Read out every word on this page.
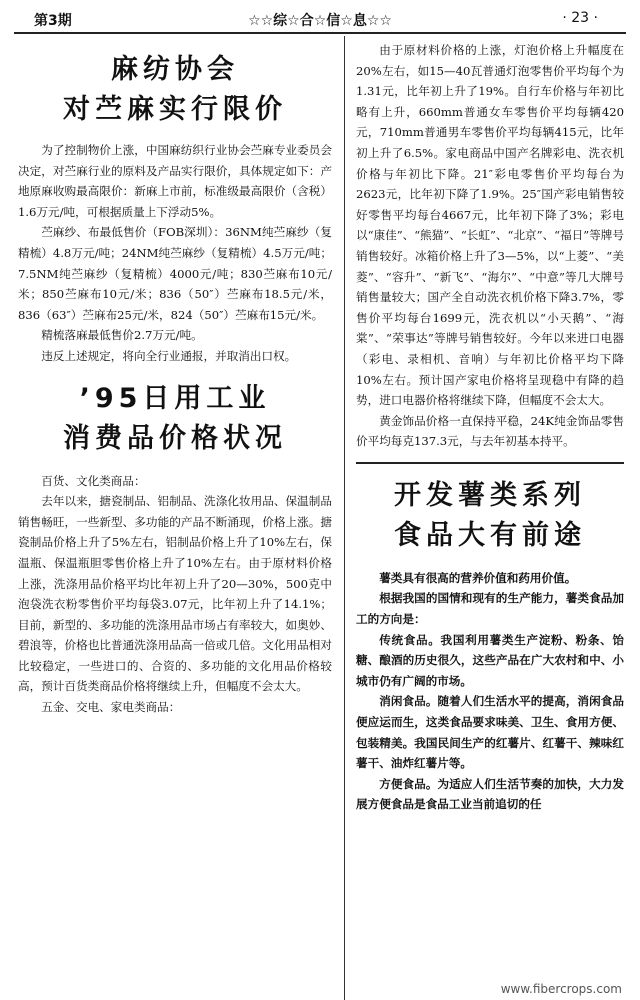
第3期	☆☆综☆合☆信☆息☆☆	· 23 ·
麻纺协会
对苎麻实行限价

为了控制物价上涨，中国麻纺织行业协会苎麻专业委员会决定，对苎麻行业的原料及产品实行限价，具体规定如下：产地原麻收购最高限价：新麻上市前，标准级最高限价（含税）1.6万元/吨，可根据质量上下浮动5%。

苎麻纱、布最低售价（FOB深圳）：36NM纯苎麻纱（复精梳）4.8万元/吨；24NM纯苎麻纱（复精梳）4.5万元/吨；7.5NM纯苎麻纱（复精梳）4000元/吨；830苎麻布10元/米；850苎麻布10元/米；836（50″）苎麻布18.5元/米，836（63″）苎麻布25元/米，824（50″）苎麻布15元/米。

精梳落麻最低售价2.7万元/吨。

违反上述规定，将向全行业通报，并取消出口权。

’95日用工业
消费品价格状况

百货、文化类商品：

去年以来，搪瓷制品、铝制品、洗涤化妆用品、保温制品销售畅旺，一些新型、多功能的产品不断涌现，价格上涨。搪瓷制品价格上升了5%左右，铝制品价格上升了10%左右，保温瓶、保温瓶胆零售价格上升了10%左右。由于原材料价格上涨，洗涤用品价格平均比年初上升了20—30%，500克中泡袋洗衣粉零售价平均每袋3.07元，比年初上升了14.1%；目前，新型的、多功能的洗涤用品市场占有率较大，如奥妙、碧浪等，价格也比普通洗涤用品高一倍或几倍。文化用品相对比较稳定，一些进口的、合资的、多功能的文化用品价格较高，预计百货类商品价格将继续上升，但幅度不会太大。

五金、交电、家电类商品：

由于原材料价格的上涨，灯泡价格上升幅度在20%左右，如15—40瓦普通灯泡零售价平均每个为1.31元，比年初上升了19%。自行车价格与年初比略有上升，660mm普通女车零售价平均每辆420元，710mm普通男车零售价平均每辆415元，比年初上升了6.5%。家电商品中国产名牌彩电、洗衣机价格与年初比下降。21″彩电零售价平均每台为2623元，比年初下降了1.9%。25″国产彩电销售较好零售平均每台4667元，比年初下降了3%；彩电以“康佳”、“熊猫”、“长虹”、“北京”、“福日”等牌号销售较好。冰箱价格上升了3—5%，以“上菱”、“美菱”、“容升”、“新飞”、“海尔”、“中意”等几大牌号销售量较大；国产全自动洗衣机价格下降3.7%，零售价平均每台1699元，洗衣机以“小天鹅”、“海棠”、“荣事达”等牌号销售较好。今年以来进口电器（彩电、录相机、音响）与年初比价格平均下降10%左右。预计国产家电价格将呈现稳中有降的趋势，进口电器价格将继续下降，但幅度不会太大。

黄金饰品价格一直保持平稳，24K纯金饰品零售价平均每克137.3元，与去年初基本持平。

开发薯类系列
食品大有前途

薯类具有很高的营养价值和药用价值。

根据我国的国情和现有的生产能力，薯类食品加工的方向是：

传统食品。我国利用薯类生产淀粉、粉条、饴糖、酿酒的历史很久，这些产品在广大农村和中、小城市仍有广阔的市场。

消闲食品。随着人们生活水平的提高，消闲食品便应运而生，这类食品要求味美、卫生、食用方便、包装精美。我国民间生产的红薯片、红薯干、辣味红薯干、油炸红薯片等。

方便食品。为适应人们生活节奏的加快，大力发展方便食品是食品工业当前追切的任

www.fibercrops.com
